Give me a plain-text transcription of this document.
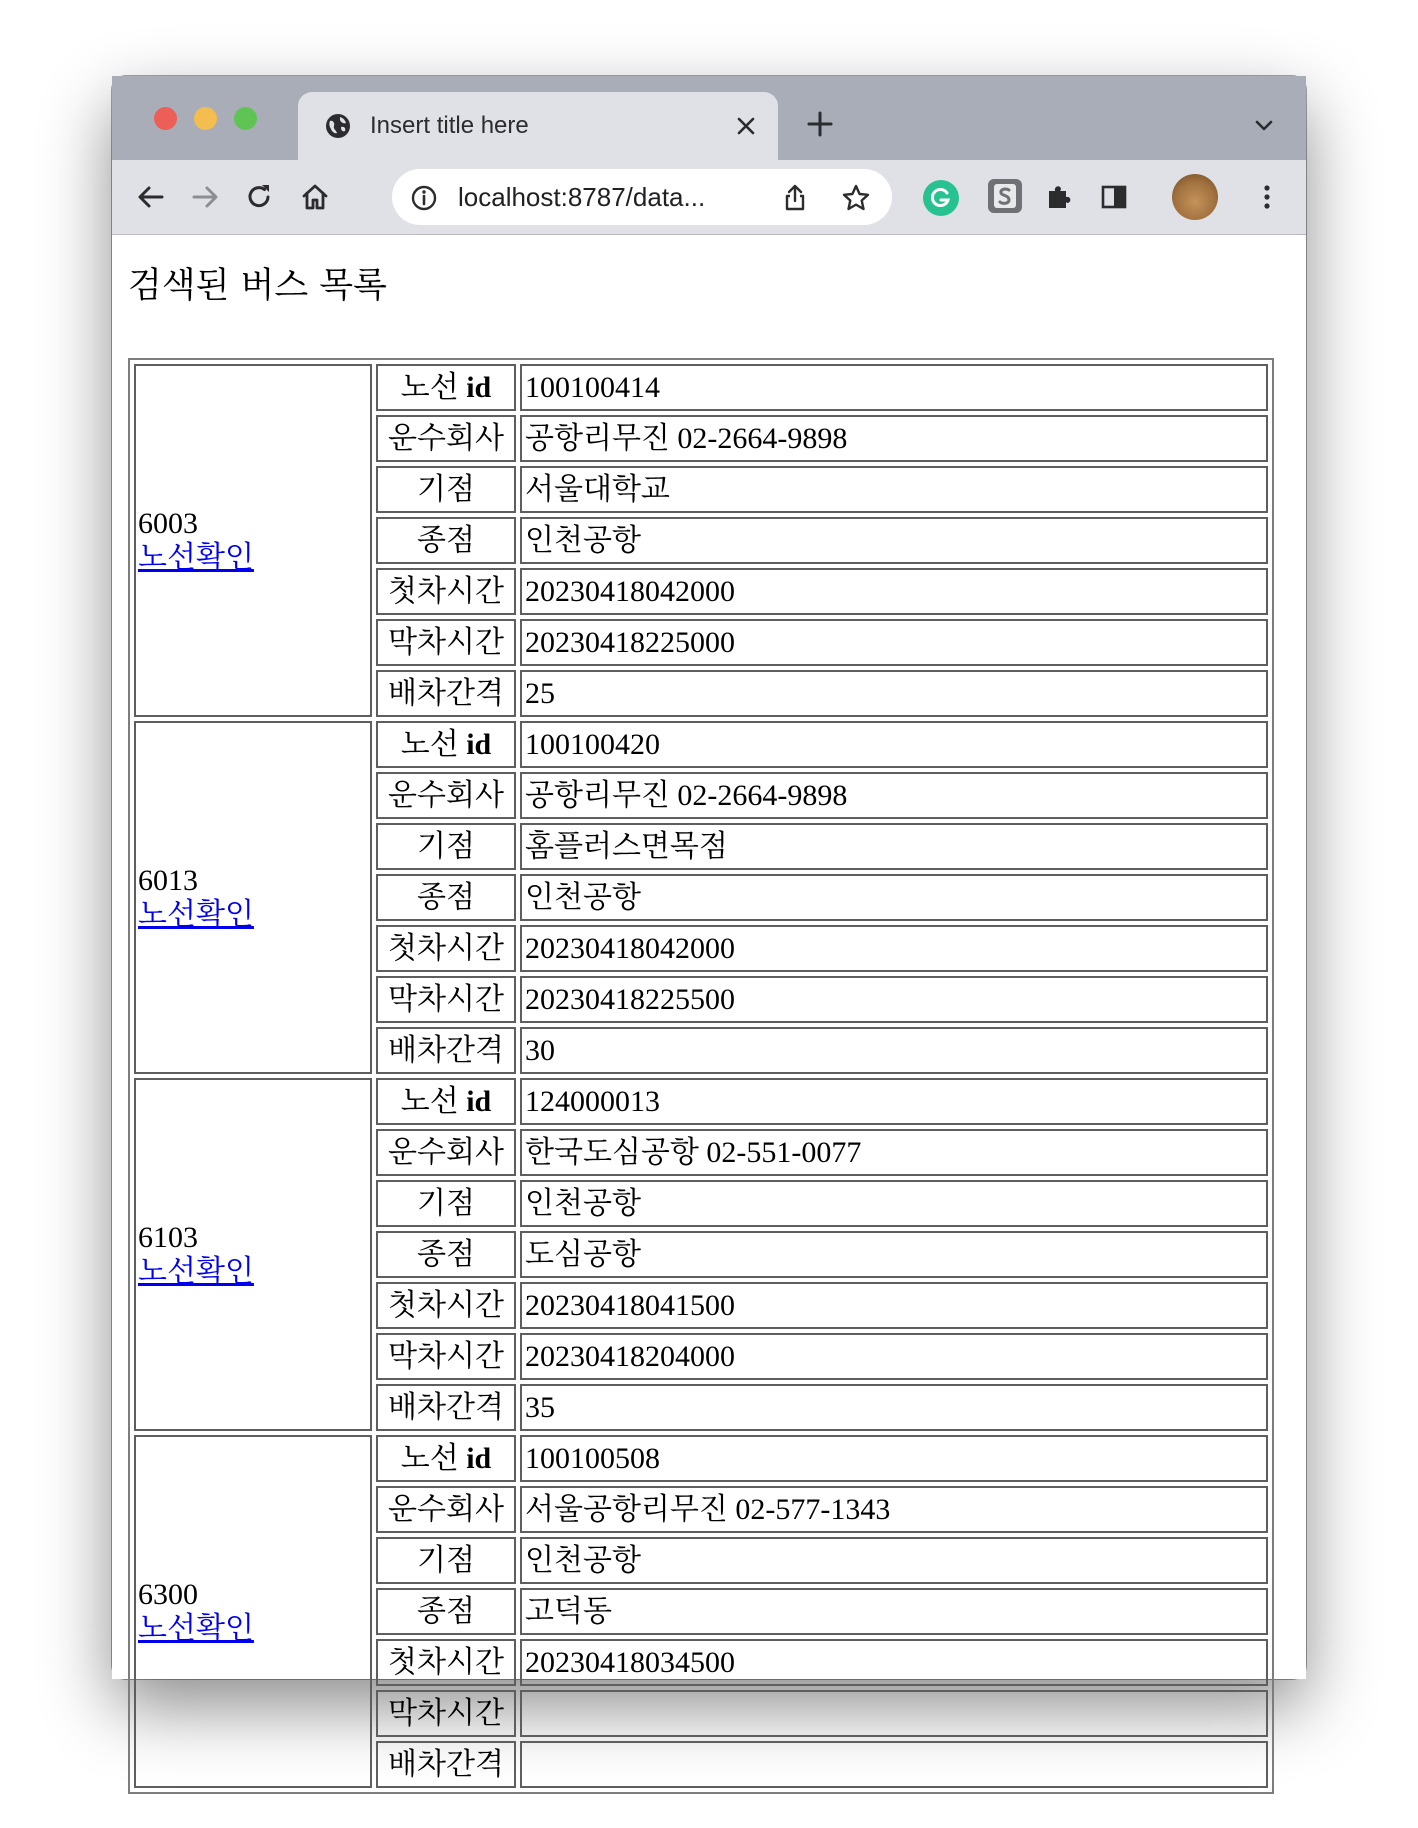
Insert title here
localhost:8787/data...
검색된 버스 목록
6003
노선확인	노선 id	100100414
	운수회사	공항리무진 02-2664-9898
	기점	서울대학교
	종점	인천공항
	첫차시간	20230418042000
	막차시간	20230418225000
	배차간격	25

6013
노선확인	노선 id	100100420
	운수회사	공항리무진 02-2664-9898
	기점	홈플러스면목점
	종점	인천공항
	첫차시간	20230418042000
	막차시간	20230418225500
	배차간격	30

6103
노선확인	노선 id	124000013
	운수회사	한국도심공항 02-551-0077
	기점	인천공항
	종점	도심공항
	첫차시간	20230418041500
	막차시간	20230418204000
	배차간격	35

6300
노선확인	노선 id	100100508
	운수회사	서울공항리무진 02-577-1343
	기점	인천공항
	종점	고덕동
	첫차시간	20230418034500
	막차시간	
	배차간격	
